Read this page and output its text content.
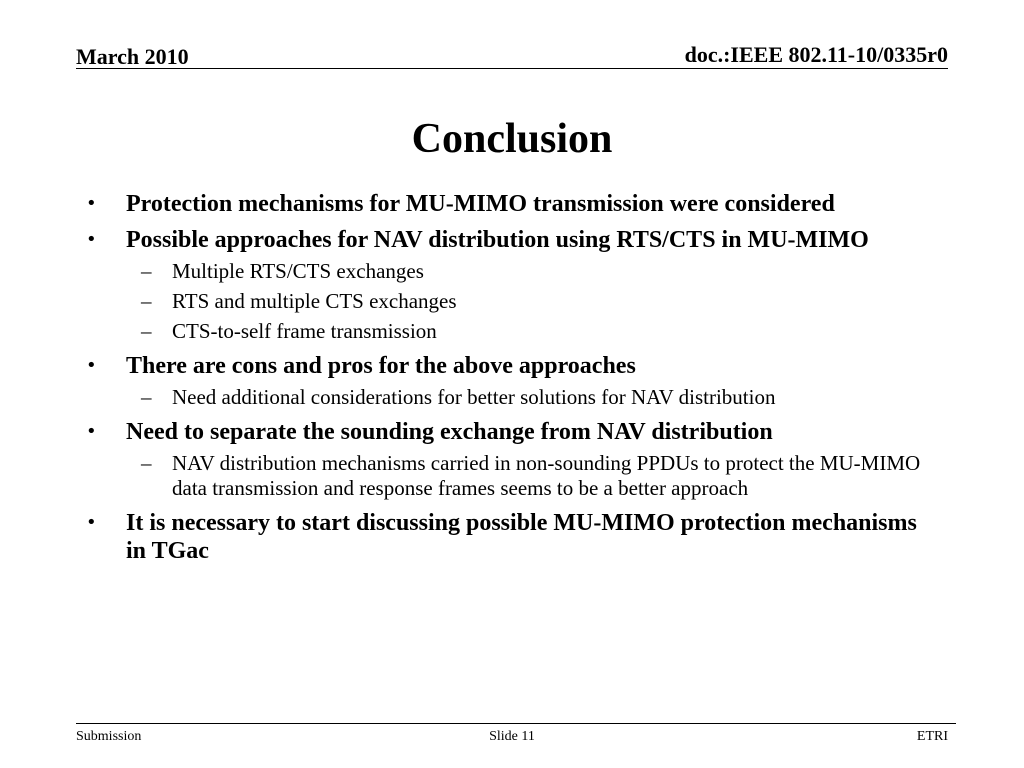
March 2010	doc.:IEEE 802.11-10/0335r0
Conclusion
• Protection mechanisms for MU-MIMO transmission were considered
• Possible approaches for NAV distribution using RTS/CTS in MU-MIMO
– Multiple RTS/CTS exchanges
– RTS and multiple CTS exchanges
– CTS-to-self frame transmission
• There are cons and pros for the above approaches
– Need additional considerations for better solutions for NAV distribution
• Need to separate the sounding exchange from NAV distribution
– NAV distribution mechanisms carried in non-sounding PPDUs to protect the MU-MIMO data transmission and response frames seems to be a better approach
• It is necessary to start discussing possible MU-MIMO protection mechanisms in TGac
Submission	Slide 11	ETRI
